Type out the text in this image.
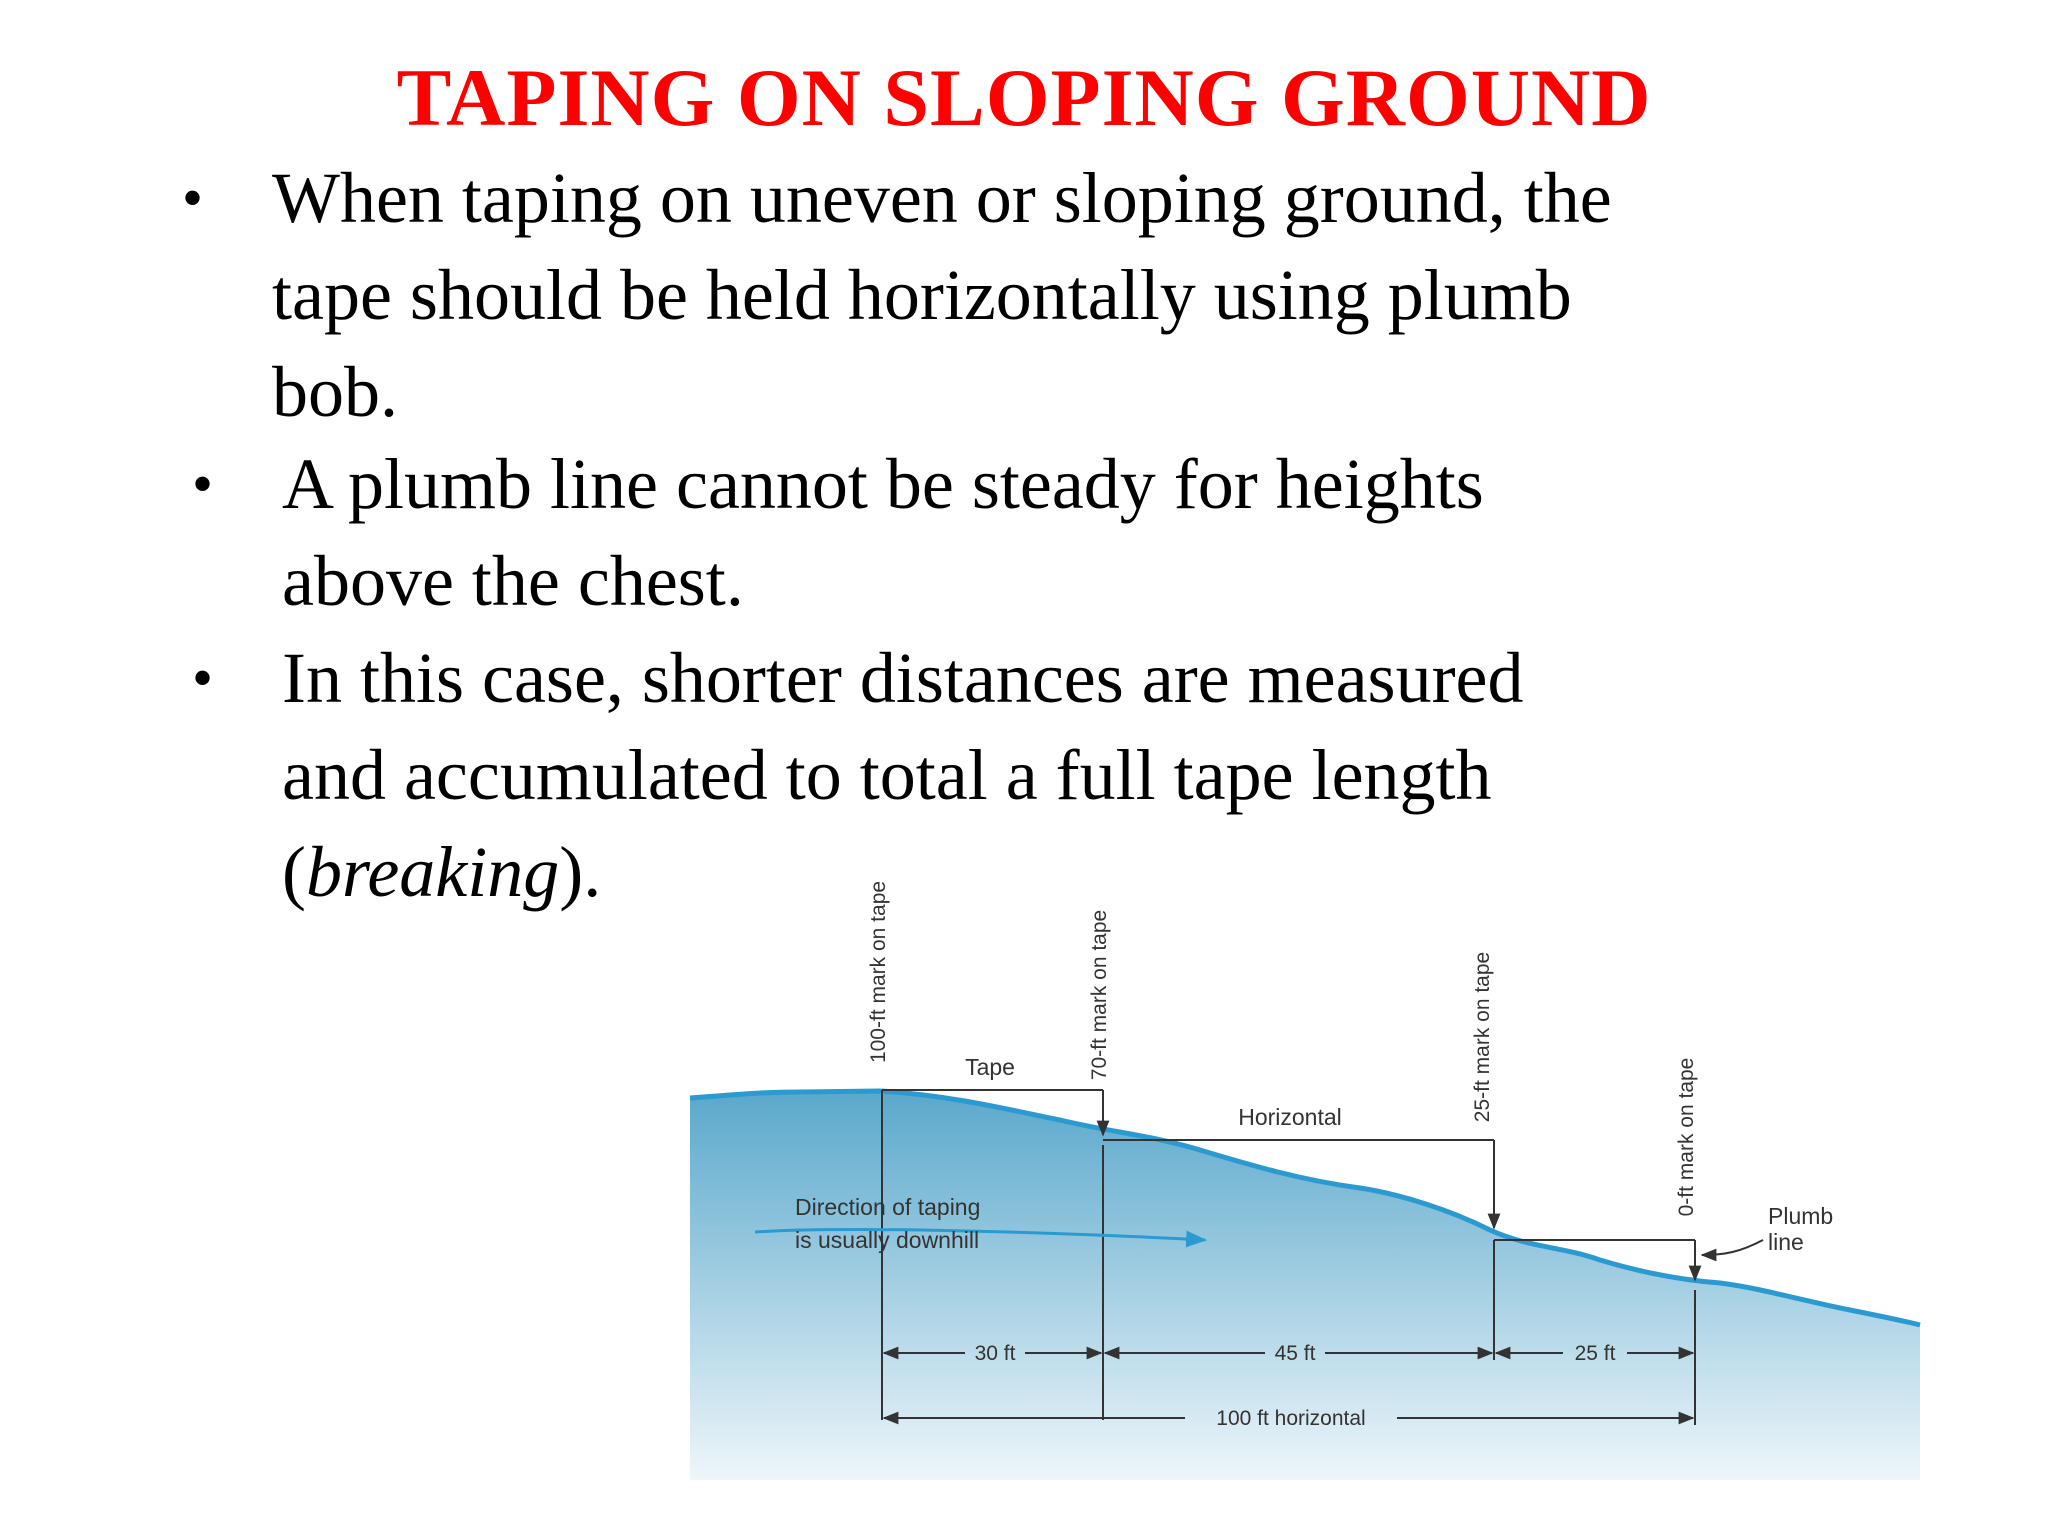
TAPING ON SLOPING GROUND
• When taping on uneven or sloping ground, the
tape should be held horizontally using plumb
bob.
• A plumb line cannot be steady for heights
above the chest.
• In this case, shorter distances are measured
and accumulated to total a full tape length
(breaking).
Tape
Horizontal
Direction of taping
is usually downhill
Plumb
line
100-ft mark on tape	70-ft mark on tape	25-ft mark on tape
0-ft mark on tape
30 ft	45 ft	25 ft
100 ft horizontal
